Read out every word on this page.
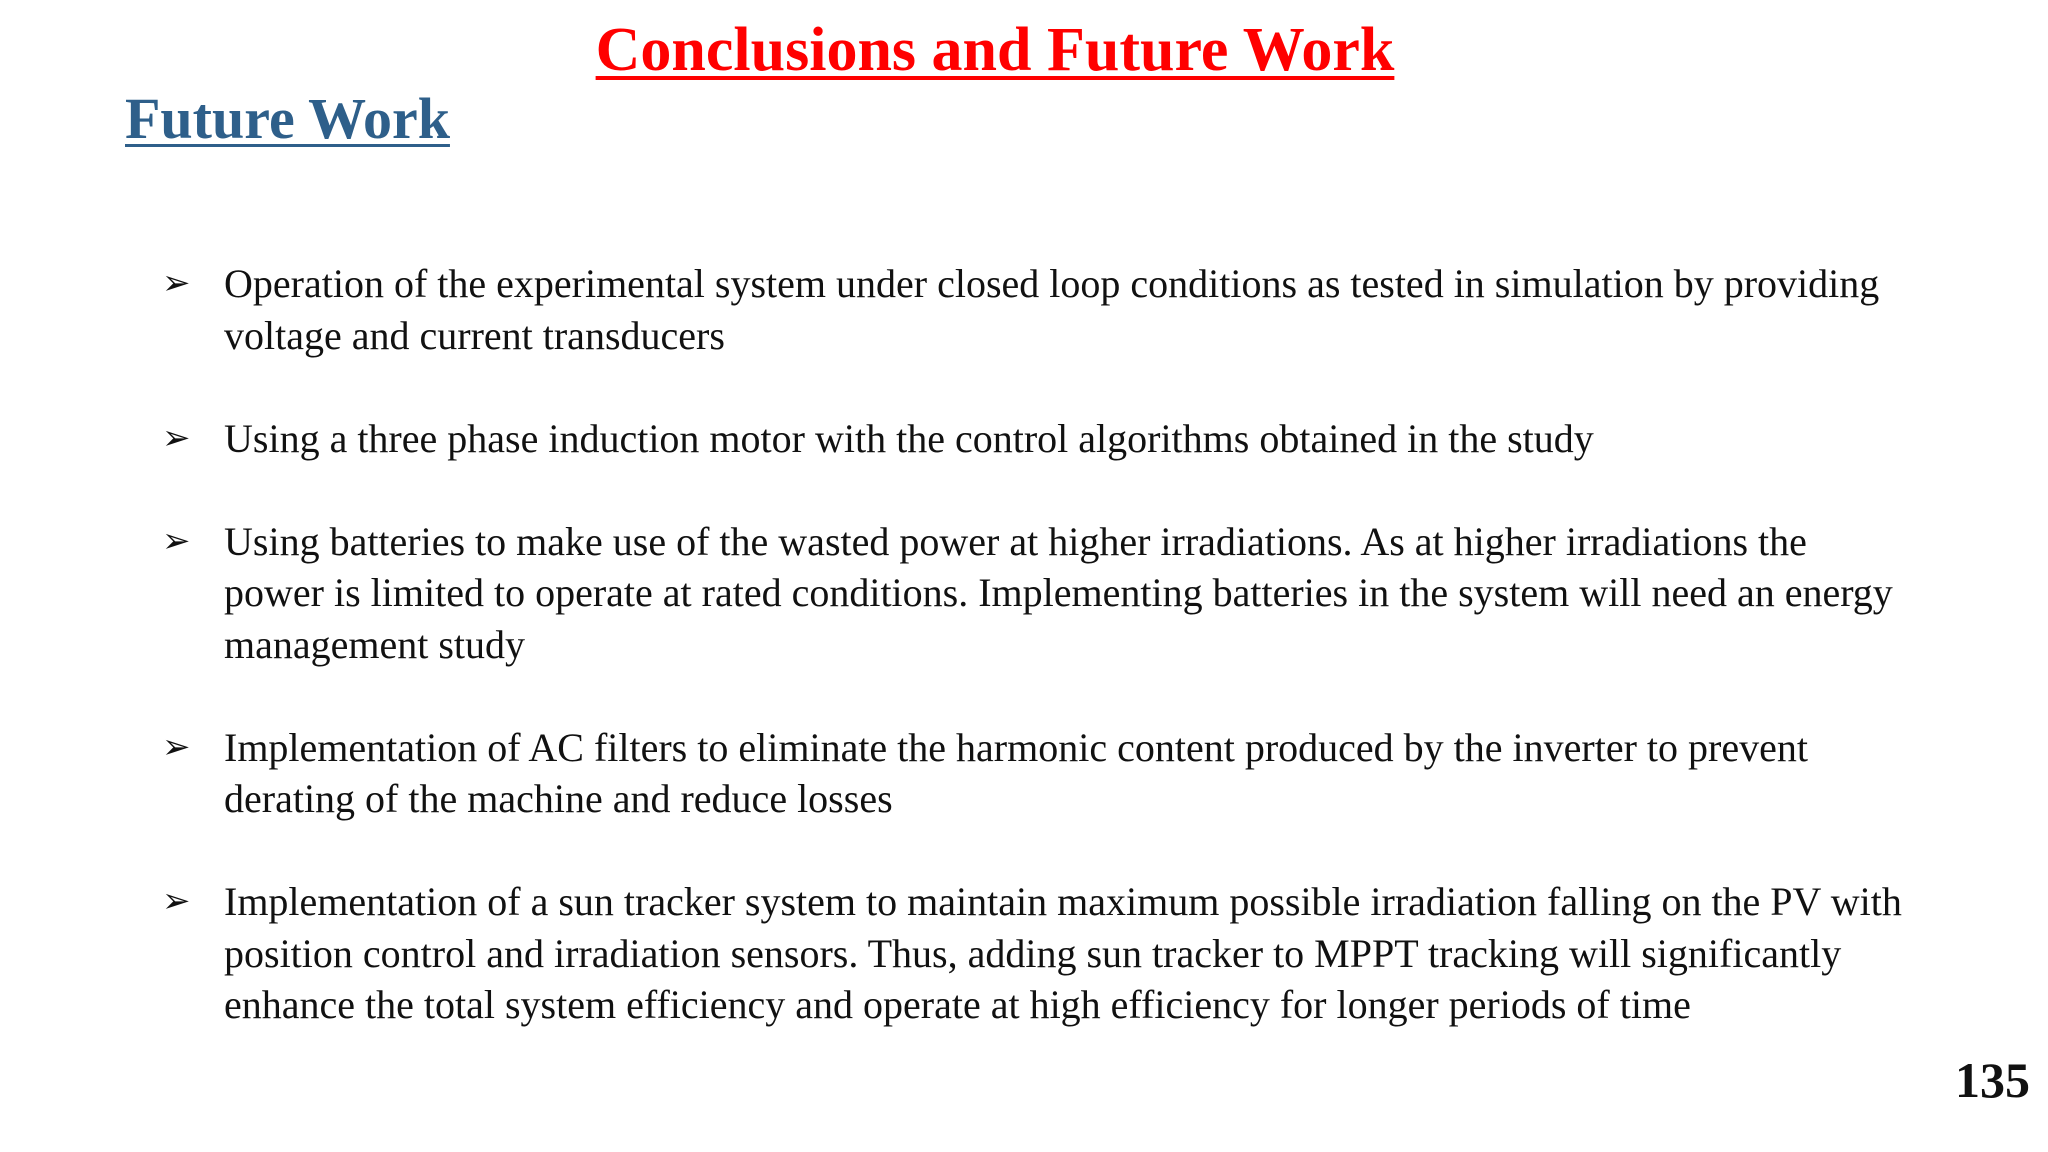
Conclusions and Future Work
Future Work
➢ Operation of the experimental system under closed loop conditions as tested in simulation by providing voltage and current transducers
➢ Using a three phase induction motor with the control algorithms obtained in the study
➢ Using batteries to make use of the wasted power at higher irradiations. As at higher irradiations the power is limited to operate at rated conditions. Implementing batteries in the system will need an energy management study
➢ Implementation of AC filters to eliminate the harmonic content produced by the inverter to prevent derating of the machine and reduce losses
➢ Implementation of a sun tracker system to maintain maximum possible irradiation falling on the PV with position control and irradiation sensors. Thus, adding sun tracker to MPPT tracking will significantly enhance the total system efficiency and operate at high efficiency for longer periods of time
135
